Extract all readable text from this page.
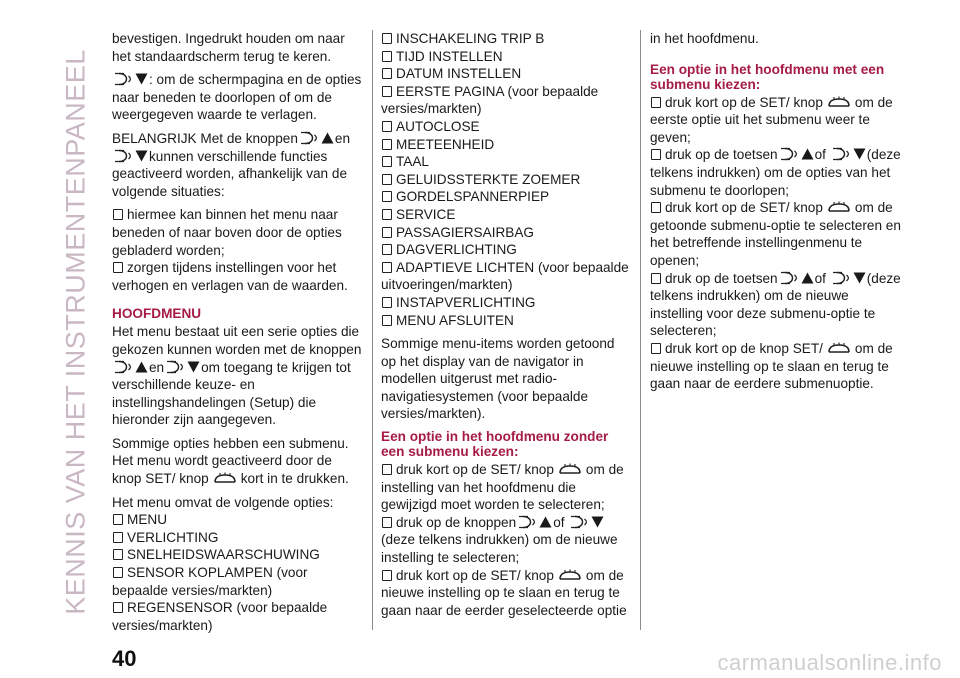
KENNIS VAN HET INSTRUMENTENPANEEL

bevestigen. Ingedrukt houden om naar het standaardscherm terug te keren.

: om de schermpagina en de opties naar beneden te doorlopen of om de weergegeven waarde te verlagen.

BELANGRIJK Met de knoppen	en kunnen verschillende functies geactiveerd worden, afhankelijk van de volgende situaties:

hiermee kan binnen het menu naar beneden of naar boven door de opties gebladerd worden;

zorgen tijdens instellingen voor het verhogen en verlagen van de waarden.

HOOFDMENU

Het menu bestaat uit een serie opties die gekozen kunnen worden met de knoppen en	om toegang te krijgen tot verschillende keuze- en instellingshandelingen (Setup) die hieronder zijn aangegeven.

Sommige opties hebben een submenu. Het menu wordt geactiveerd door de knop SET/ knop kort in te drukken.

Het menu omvat de volgende opties:

MENU

VERLICHTING

SNELHEIDSWAARSCHUWING

SENSOR KOPLAMPEN (voor bepaalde versies/markten)

REGENSENSOR (voor bepaalde versies/markten)

INSCHAKELING TRIP B

TIJD INSTELLEN

DATUM INSTELLEN

EERSTE PAGINA (voor bepaalde versies/markten)

AUTOCLOSE

MEETEENHEID

TAAL

GELUIDSSTERKTE ZOEMER

GORDELSPANNERPIEP

SERVICE

PASSAGIERSAIRBAG

DAGVERLICHTING

ADAPTIEVE LICHTEN (voor bepaalde uitvoeringen/markten)

INSTAPVERLICHTING

MENU AFSLUITEN

Sommige menu-items worden getoond op het display van de navigator in modellen uitgerust met radio-navigatiesystemen (voor bepaalde versies/markten).

Een optie in het hoofdmenu zonder een submenu kiezen:

druk kort op de SET/ knop om de instelling van het hoofdmenu die gewijzigd moet worden te selecteren;

druk op de knoppen	of (deze telkens indrukken) om de nieuwe instelling te selecteren;

druk kort op de SET/ knop om de nieuwe instelling op te slaan en terug te gaan naar de eerder geselecteerde optie

in het hoofdmenu.

Een optie in het hoofdmenu met een submenu kiezen:

druk kort op de SET/ knop om de eerste optie uit het submenu weer te geven;

druk op de toetsen	of	(deze telkens indrukken) om de opties van het submenu te doorlopen;

druk kort op de SET/ knop om de getoonde submenu-optie te selecteren en het betreffende instellingenmenu te openen;

druk op de toetsen	of	(deze telkens indrukken) om de nieuwe instelling voor deze submenu-optie te selecteren;

druk kort op de knop SET/ om de nieuwe instelling op te slaan en terug te gaan naar de eerdere submenuoptie.

40	carmanualsonline.info
